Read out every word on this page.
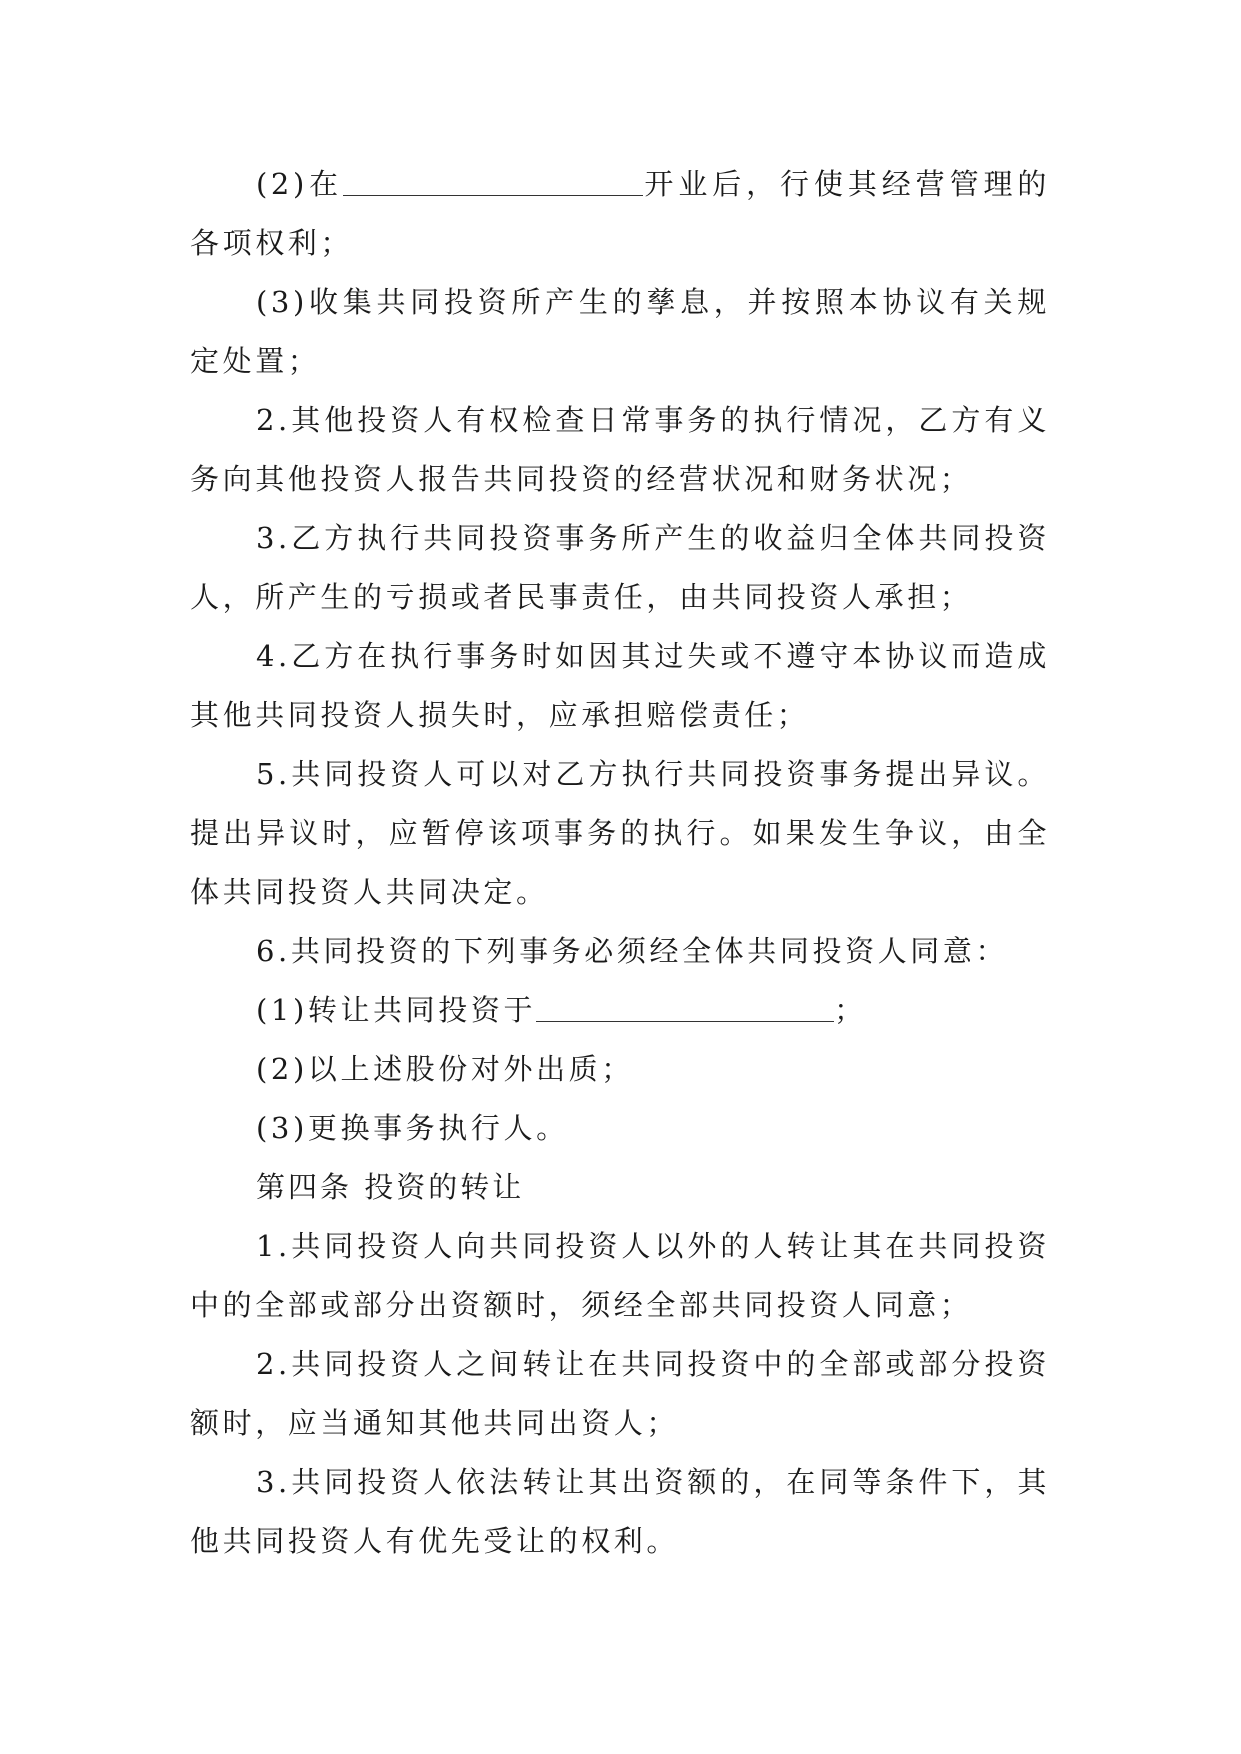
(2)在	开业后，行使其经营管理的各项权利；

(3)收集共同投资所产生的孳息，并按照本协议有关规定处置；

2.其他投资人有权检查日常事务的执行情况，乙方有义务向其他投资人报告共同投资的经营状况和财务状况；

3.乙方执行共同投资事务所产生的收益归全体共同投资人，所产生的亏损或者民事责任，由共同投资人承担；

4.乙方在执行事务时如因其过失或不遵守本协议而造成其他共同投资人损失时，应承担赔偿责任；

5.共同投资人可以对乙方执行共同投资事务提出异议。提出异议时，应暂停该项事务的执行。如果发生争议，由全体共同投资人共同决定。

6.共同投资的下列事务必须经全体共同投资人同意：

(1)转让共同投资于	；

(2)以上述股份对外出质；

(3)更换事务执行人。

第四条 投资的转让

1.共同投资人向共同投资人以外的人转让其在共同投资中的全部或部分出资额时，须经全部共同投资人同意；

2.共同投资人之间转让在共同投资中的全部或部分投资额时，应当通知其他共同出资人；

3.共同投资人依法转让其出资额的，在同等条件下，其他共同投资人有优先受让的权利。
